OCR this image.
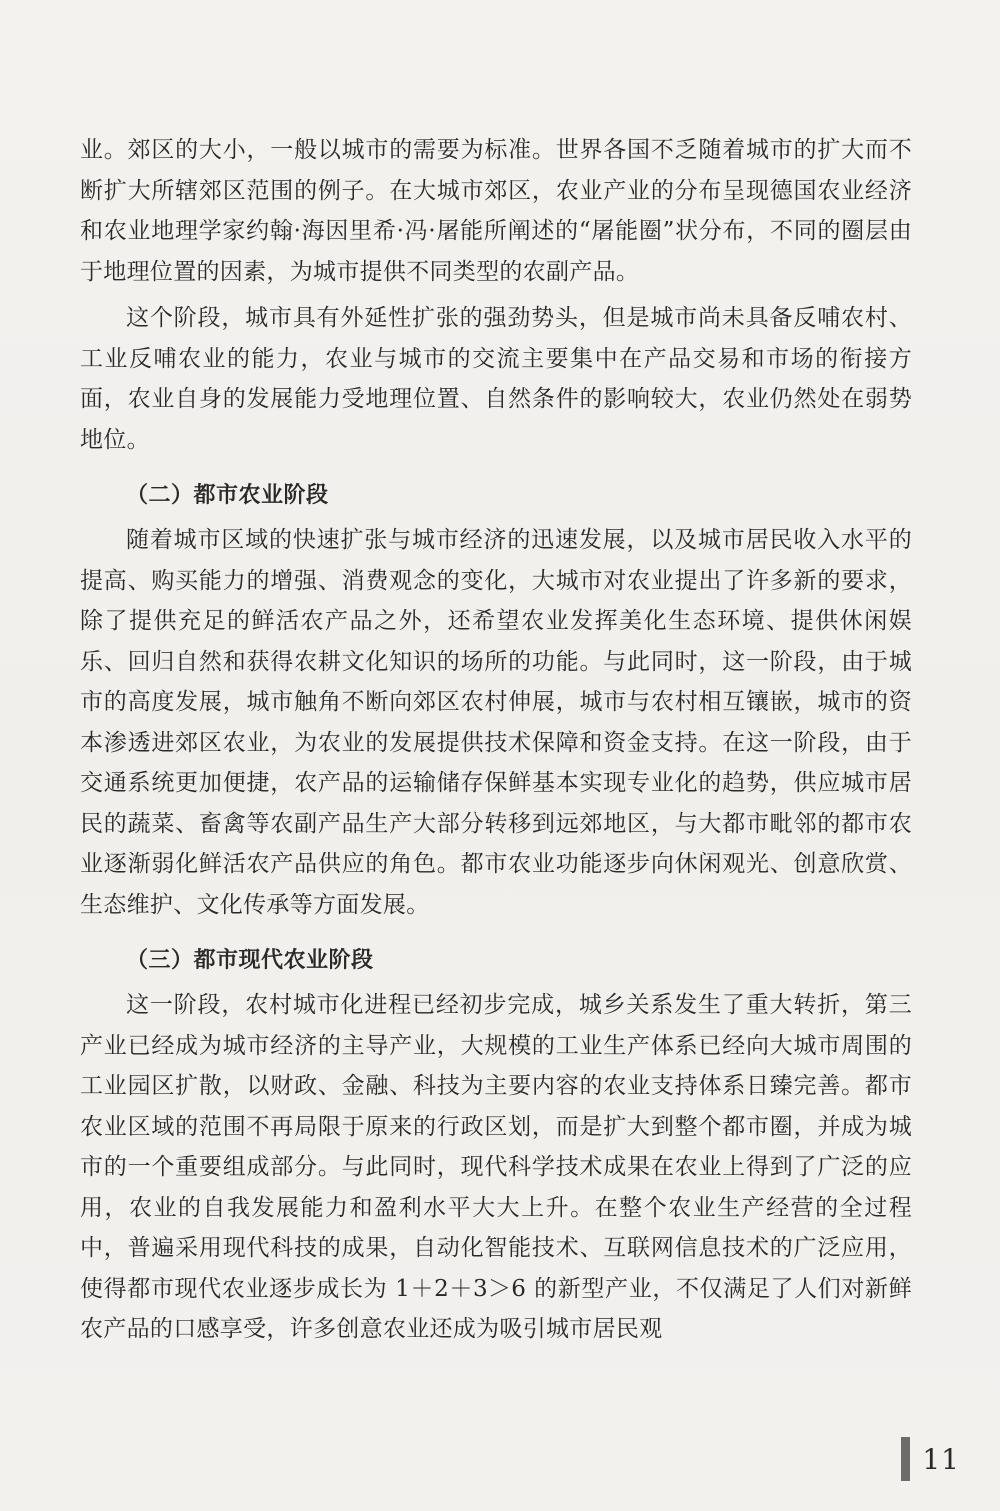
业。郊区的大小，一般以城市的需要为标准。世界各国不乏随着城市的扩大而不断扩大所辖郊区范围的例子。在大城市郊区，农业产业的分布呈现德国农业经济和农业地理学家约翰·海因里希·冯·屠能所阐述的“屠能圈”状分布，不同的圈层由于地理位置的因素，为城市提供不同类型的农副产品。

这个阶段，城市具有外延性扩张的强劲势头，但是城市尚未具备反哺农村、工业反哺农业的能力，农业与城市的交流主要集中在产品交易和市场的衔接方面，农业自身的发展能力受地理位置、自然条件的影响较大，农业仍然处在弱势地位。

（二）都市农业阶段

随着城市区域的快速扩张与城市经济的迅速发展，以及城市居民收入水平的提高、购买能力的增强、消费观念的变化，大城市对农业提出了许多新的要求，除了提供充足的鲜活农产品之外，还希望农业发挥美化生态环境、提供休闲娱乐、回归自然和获得农耕文化知识的场所的功能。与此同时，这一阶段，由于城市的高度发展，城市触角不断向郊区农村伸展，城市与农村相互镶嵌，城市的资本渗透进郊区农业，为农业的发展提供技术保障和资金支持。在这一阶段，由于交通系统更加便捷，农产品的运输储存保鲜基本实现专业化的趋势，供应城市居民的蔬菜、畜禽等农副产品生产大部分转移到远郊地区，与大都市毗邻的都市农业逐渐弱化鲜活农产品供应的角色。都市农业功能逐步向休闲观光、创意欣赏、生态维护、文化传承等方面发展。

（三）都市现代农业阶段

这一阶段，农村城市化进程已经初步完成，城乡关系发生了重大转折，第三产业已经成为城市经济的主导产业，大规模的工业生产体系已经向大城市周围的工业园区扩散，以财政、金融、科技为主要内容的农业支持体系日臻完善。都市农业区域的范围不再局限于原来的行政区划，而是扩大到整个都市圈，并成为城市的一个重要组成部分。与此同时，现代科学技术成果在农业上得到了广泛的应用，农业的自我发展能力和盈利水平大大上升。在整个农业生产经营的全过程中，普遍采用现代科技的成果，自动化智能技术、互联网信息技术的广泛应用，使得都市现代农业逐步成长为 1＋2＋3＞6 的新型产业，不仅满足了人们对新鲜农产品的口感享受，许多创意农业还成为吸引城市居民观

11
